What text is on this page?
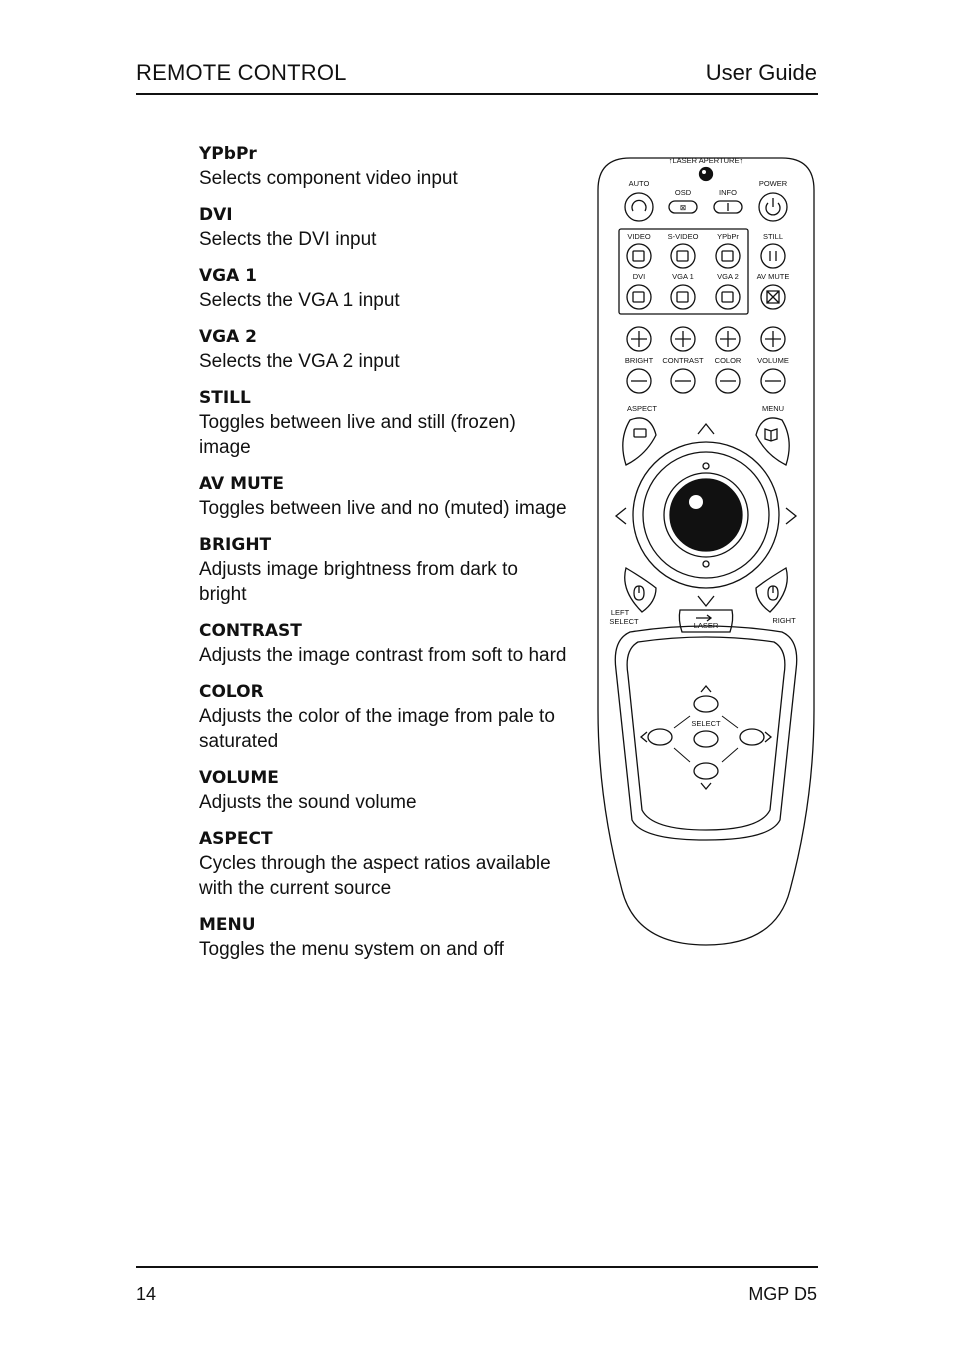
REMOTE CONTROL	User Guide
YPbPr
Selects component video input
DVI
Selects the DVI input
VGA 1
Selects the VGA 1 input
VGA 2
Selects the VGA 2 input
STILL
Toggles between live and still (frozen) image
AV MUTE
Toggles between live and no (muted) image
BRIGHT
Adjusts image brightness from dark to bright
CONTRAST
Adjusts the image contrast from soft to hard
COLOR
Adjusts the color of the image from pale to saturated
VOLUME
Adjusts the sound volume
ASPECT
Cycles through the aspect ratios available with the current source
MENU
Toggles the menu system on and off
↑LASER APERTURE↑
AUTO
OSD
⊠
INFO
POWER
VIDEO S-VIDEO YPbPr	STILL
DVI	VGA 1	VGA 2 AV MUTE
BRIGHT CONTRAST COLOR VOLUME
ASPECT	MENU
LEFT
SELECT	RIGHT
LASER
SELECT
14	MGP D5
